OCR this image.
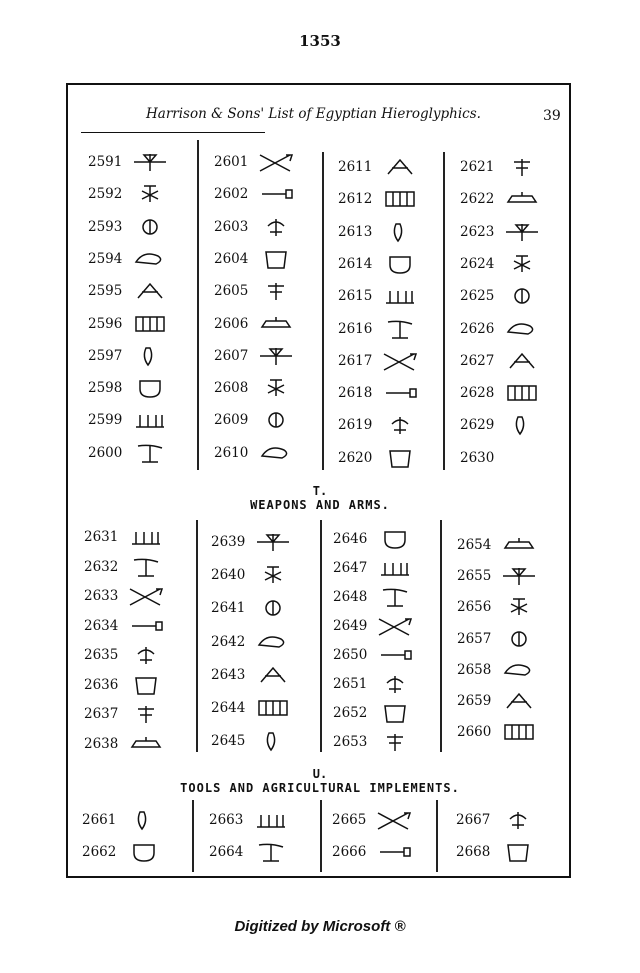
1353
Harrison & Sons' List of Egyptian Hieroglyphics.	39
T.
WEAPONS AND ARMS.
U.
TOOLS AND AGRICULTURAL IMPLEMENTS.
2591
2592
2593
2594
2595
2596
2597
2598
2599
2600
2601
2602
2603
2604
2605
2606
2607
2608
2609
2610
2611
2612
2613
2614
2615
2616
2617
2618
2619
2620
2621
2622
2623
2624
2625
2626
2627
2628
2629
2630
2631
2632
2633
2634
2635
2636
2637
2638
2639
2640
2641
2642
2643
2644
2645
2646
2647
2648
2649
2650
2651
2652
2653
2654
2655
2656
2657
2658
2659
2660
2661
2662
2663
2664
2665
2666
2667
2668
Digitized by Microsoft ®
